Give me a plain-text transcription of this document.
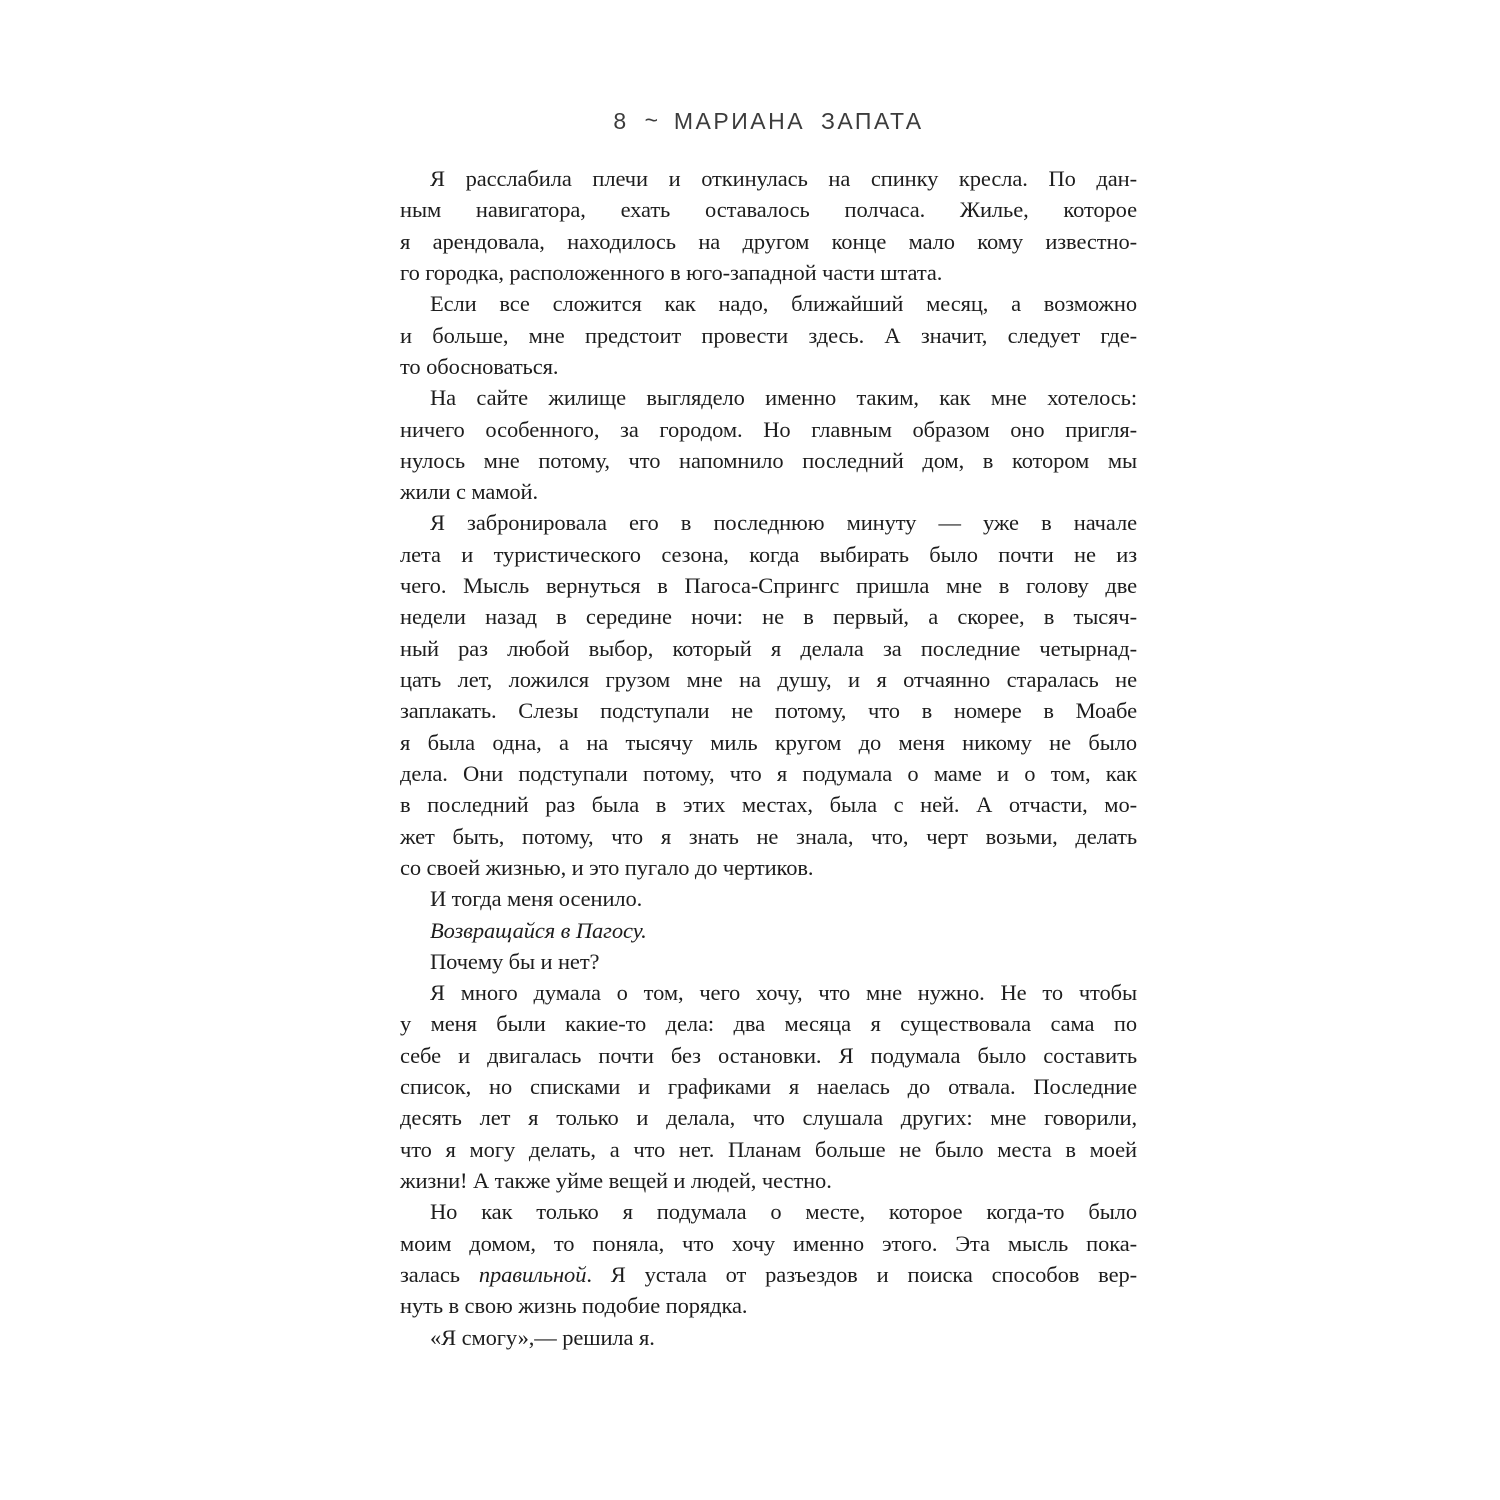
8 ~ МАРИАНА ЗАПАТА
Я расслабила плечи и откинулась на спинку кресла. По дан-
ным навигатора, ехать оставалось полчаса. Жилье, которое
я арендовала, находилось на другом конце мало кому известно-
го городка, расположенного в юго-западной части штата.
Если все сложится как надо, ближайший месяц, а возможно
и больше, мне предстоит провести здесь. А значит, следует где-
то обосноваться.
На сайте жилище выглядело именно таким, как мне хотелось:
ничего особенного, за городом. Но главным образом оно пригля-
нулось мне потому, что напомнило последний дом, в котором мы
жили с мамой.
Я забронировала его в последнюю минуту — уже в начале
лета и туристического сезона, когда выбирать было почти не из
чего. Мысль вернуться в Пагоса-Спрингс пришла мне в голову две
недели назад в середине ночи: не в первый, а скорее, в тысяч-
ный раз любой выбор, который я делала за последние четырнад-
цать лет, ложился грузом мне на душу, и я отчаянно старалась не
заплакать. Слезы подступали не потому, что в номере в Моабе
я была одна, а на тысячу миль кругом до меня никому не было
дела. Они подступали потому, что я подумала о маме и о том, как
в последний раз была в этих местах, была с ней. А отчасти, мо-
жет быть, потому, что я знать не знала, что, черт возьми, делать
со своей жизнью, и это пугало до чертиков.
И тогда меня осенило.
Возвращайся в Пагосу.
Почему бы и нет?
Я много думала о том, чего хочу, что мне нужно. Не то чтобы
у меня были какие-то дела: два месяца я существовала сама по
себе и двигалась почти без остановки. Я подумала было составить
список, но списками и графиками я наелась до отвала. Последние
десять лет я только и делала, что слушала других: мне говорили,
что я могу делать, а что нет. Планам больше не было места в моей
жизни! А также уйме вещей и людей, честно.
Но как только я подумала о месте, которое когда-то было
моим домом, то поняла, что хочу именно этого. Эта мысль пока-
залась правильной. Я устала от разъездов и поиска способов вер-
нуть в свою жизнь подобие порядка.
«Я смогу»,— решила я.
